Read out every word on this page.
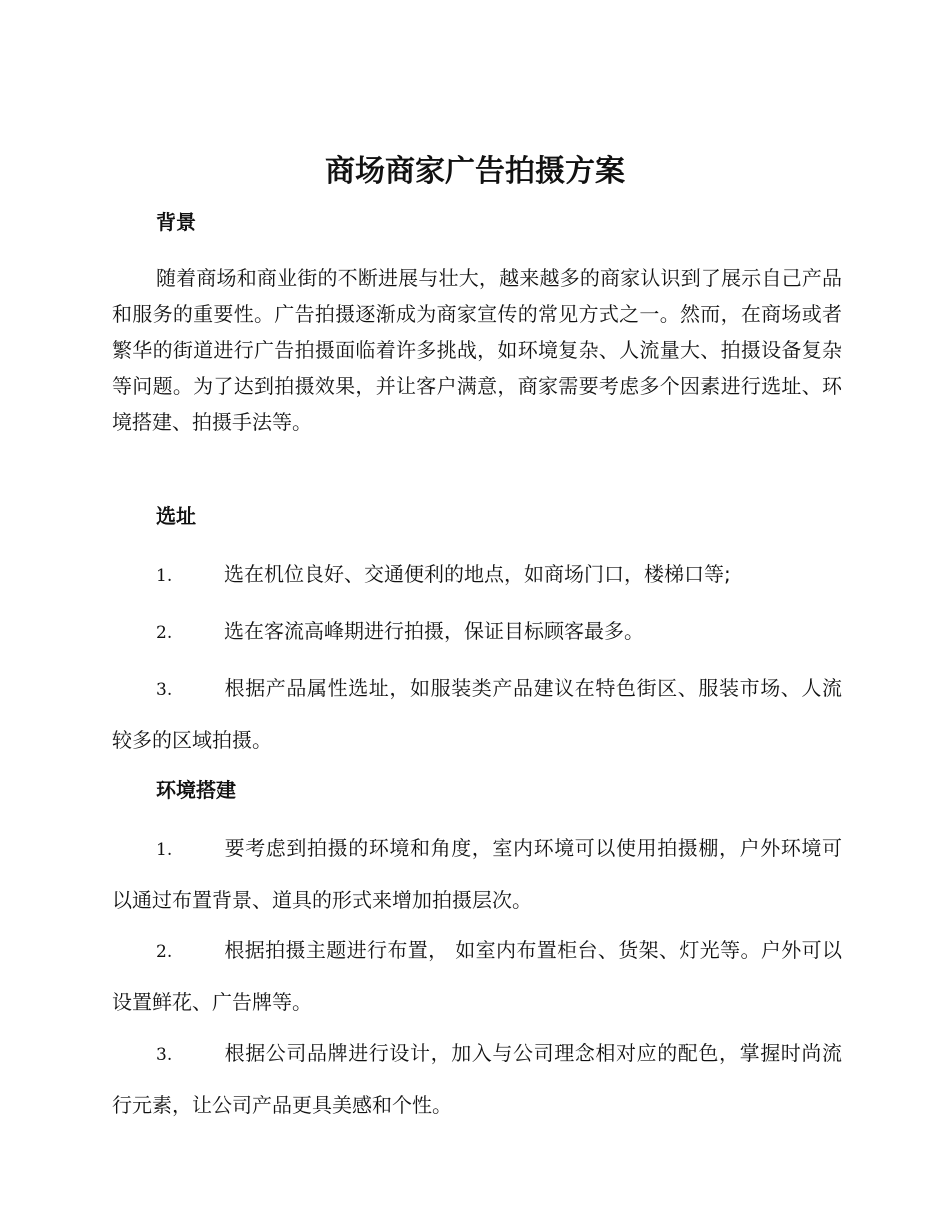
商场商家广告拍摄方案
背景

随着商场和商业街的不断进展与壮大，越来越多的商家认识到了展示自己产品和服务的重要性。广告拍摄逐渐成为商家宣传的常见方式之一。然而，在商场或者繁华的街道进行广告拍摄面临着许多挑战，如环境复杂、人流量大、拍摄设备复杂等问题。为了达到拍摄效果，并让客户满意，商家需要考虑多个因素进行选址、环境搭建、拍摄手法等。

选址

1.	选在机位良好、交通便利的地点，如商场门口，楼梯口等;

2.	选在客流高峰期进行拍摄，保证目标顾客最多。

3.	根据产品属性选址，如服装类产品建议在特色街区、服装市场、人流较多的区域拍摄。

环境搭建

1.	要考虑到拍摄的环境和角度，室内环境可以使用拍摄棚，户外环境可以通过布置背景、道具的形式来增加拍摄层次。

2.	根据拍摄主题进行布置， 如室内布置柜台、货架、灯光等。户外可以设置鲜花、广告牌等。

3.	根据公司品牌进行设计，加入与公司理念相对应的配色，掌握时尚流行元素，让公司产品更具美感和个性。
